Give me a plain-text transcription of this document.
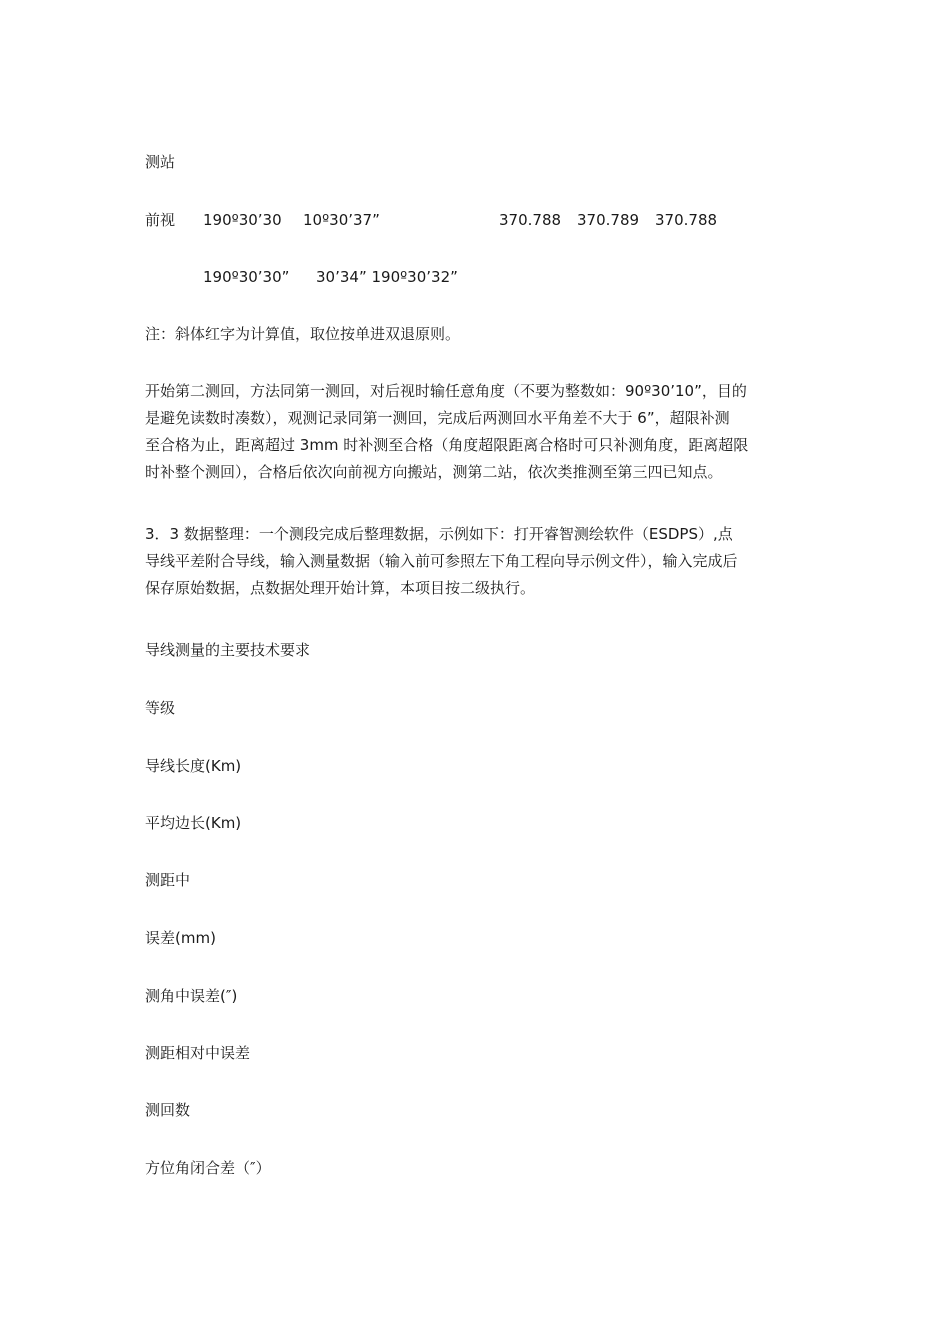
测站
前视 190º30’30 10º30’37”	370.788 370.789 370.788
190º30’30” 30’34” 190º30’32”
注：斜体红字为计算值，取位按单进双退原则。
开始第二测回，方法同第一测回，对后视时输任意角度（不要为整数如：90º30’10”，目的
是避免读数时凑数），观测记录同第一测回，完成后两测回水平角差不大于 6”，超限补测
至合格为止，距离超过 3mm 时补测至合格（角度超限距离合格时可只补测角度，距离超限
时补整个测回），合格后依次向前视方向搬站，测第二站，依次类推测至第三四已知点。
3．3 数据整理：一个测段完成后整理数据，示例如下：打开睿智测绘软件（ESDPS）,点
导线平差附合导线，输入测量数据（输入前可参照左下角工程向导示例文件），输入完成后
保存原始数据，点数据处理开始计算，本项目按二级执行。
导线测量的主要技术要求
等级
导线长度(Km)
平均边长(Km)
测距中
误差(mm)
测角中误差(″)
测距相对中误差
测回数
方位角闭合差（″）
